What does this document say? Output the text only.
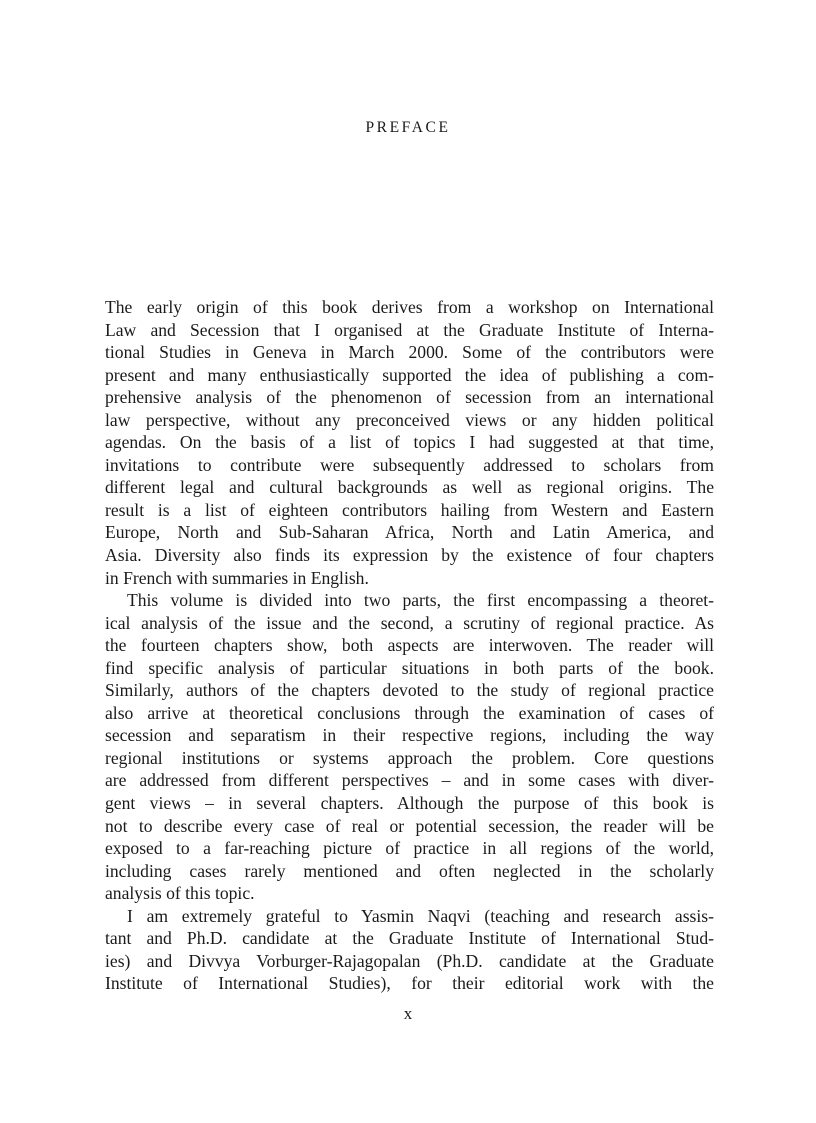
PREFACE
The early origin of this book derives from a workshop on International
Law and Secession that I organised at the Graduate Institute of Interna-
tional Studies in Geneva in March 2000. Some of the contributors were
present and many enthusiastically supported the idea of publishing a com-
prehensive analysis of the phenomenon of secession from an international
law perspective, without any preconceived views or any hidden political
agendas. On the basis of a list of topics I had suggested at that time,
invitations to contribute were subsequently addressed to scholars from
different legal and cultural backgrounds as well as regional origins. The
result is a list of eighteen contributors hailing from Western and Eastern
Europe, North and Sub-Saharan Africa, North and Latin America, and
Asia. Diversity also finds its expression by the existence of four chapters
in French with summaries in English.
This volume is divided into two parts, the first encompassing a theoret-
ical analysis of the issue and the second, a scrutiny of regional practice. As
the fourteen chapters show, both aspects are interwoven. The reader will
find specific analysis of particular situations in both parts of the book.
Similarly, authors of the chapters devoted to the study of regional practice
also arrive at theoretical conclusions through the examination of cases of
secession and separatism in their respective regions, including the way
regional institutions or systems approach the problem. Core questions
are addressed from different perspectives – and in some cases with diver-
gent views – in several chapters. Although the purpose of this book is
not to describe every case of real or potential secession, the reader will be
exposed to a far-reaching picture of practice in all regions of the world,
including cases rarely mentioned and often neglected in the scholarly
analysis of this topic.
I am extremely grateful to Yasmin Naqvi (teaching and research assis-
tant and Ph.D. candidate at the Graduate Institute of International Stud-
ies) and Divvya Vorburger-Rajagopalan (Ph.D. candidate at the Graduate
Institute of International Studies), for their editorial work with the
x
